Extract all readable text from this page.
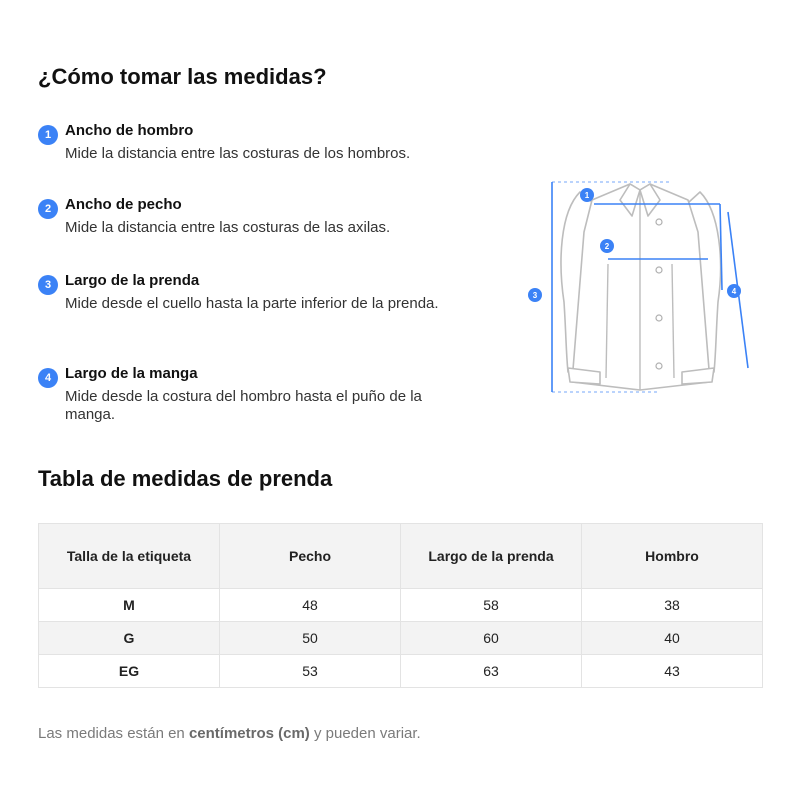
¿Cómo tomar las medidas?
1 Ancho de hombro
Mide la distancia entre las costuras de los hombros.
2 Ancho de pecho
Mide la distancia entre las costuras de las axilas.
3 Largo de la prenda
Mide desde el cuello hasta la parte inferior de la prenda.
4 Largo de la manga
Mide desde la costura del hombro hasta el puño de la manga.
1
2
3	4
Tabla de medidas de prenda
Talla de la etiqueta	Pecho	Largo de la prenda	Hombro
M	48	58	38
G	50	60	40
EG	53	63	43

Las medidas están en centímetros (cm) y pueden variar.
